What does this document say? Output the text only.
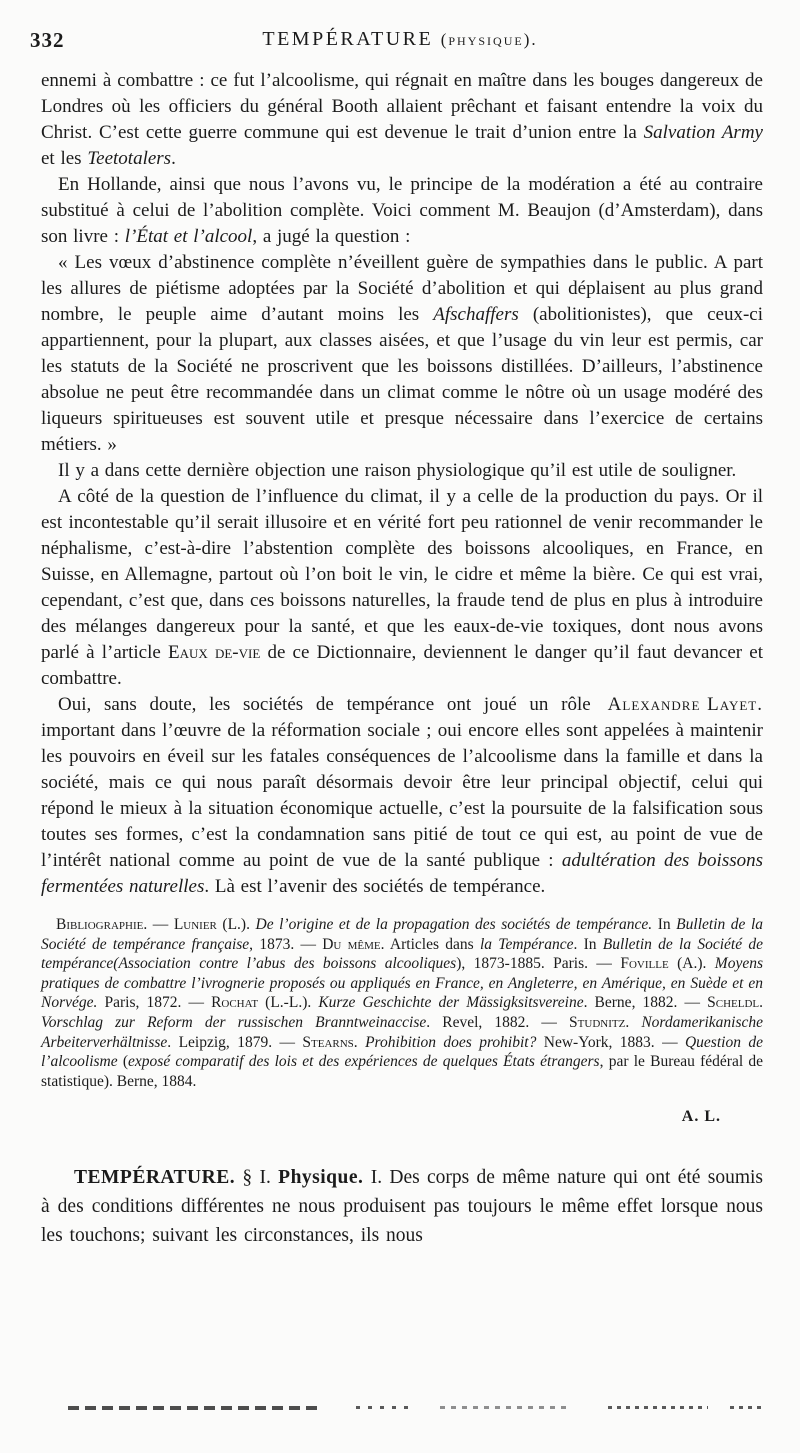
332	TEMPÉRATURE (physique).

ennemi à combattre : ce fut l’alcoolisme, qui régnait en maître dans les bouges dangereux de Londres où les officiers du général Booth allaient prêchant et faisant entendre la voix du Christ. C’est cette guerre commune qui est devenue le trait d’union entre la Salvation Army et les Teetotalers.

En Hollande, ainsi que nous l’avons vu, le principe de la modération a été au contraire substitué à celui de l’abolition complète. Voici comment M. Beaujon (d’Amsterdam), dans son livre : l’État et l’alcool, a jugé la question :

« Les vœux d’abstinence complète n’éveillent guère de sympathies dans le public. A part les allures de piétisme adoptées par la Société d’abolition et qui déplaisent au plus grand nombre, le peuple aime d’autant moins les Afschaffers (abolitionistes), que ceux-ci appartiennent, pour la plupart, aux classes aisées, et que l’usage du vin leur est permis, car les statuts de la Société ne proscrivent que les boissons distillées. D’ailleurs, l’abstinence absolue ne peut être recommandée dans un climat comme le nôtre où un usage modéré des liqueurs spiritueuses est souvent utile et presque nécessaire dans l’exercice de certains métiers. »

Il y a dans cette dernière objection une raison physiologique qu’il est utile de souligner.

A côté de la question de l’influence du climat, il y a celle de la production du pays. Or il est incontestable qu’il serait illusoire et en vérité fort peu rationnel de venir recommander le néphalisme, c’est-à-dire l’abstention complète des boissons alcooliques, en France, en Suisse, en Allemagne, partout où l’on boit le vin, le cidre et même la bière. Ce qui est vrai, cependant, c’est que, dans ces boissons naturelles, la fraude tend de plus en plus à introduire des mélanges dangereux pour la santé, et que les eaux-de-vie toxiques, dont nous avons parlé à l’article Eaux de-vie de ce Dictionnaire, deviennent le danger qu’il faut devancer et combattre.

Alexandre Layet.
Oui, sans doute, les sociétés de tempérance ont joué un rôle important dans l’œuvre de la réformation sociale ; oui encore elles sont appelées à maintenir les pouvoirs en éveil sur les fatales conséquences de l’alcoolisme dans la famille et dans la société, mais ce qui nous paraît désormais devoir être leur principal objectif, celui qui répond le mieux à la situation économique actuelle, c’est la poursuite de la falsification sous toutes ses formes, c’est la condamnation sans pitié de tout ce qui est, au point de vue de l’intérêt national comme au point de vue de la santé publique : adultération des boissons fermentées naturelles. Là est l’avenir des sociétés de tempérance.

Bibliographie. — Lunier (L.). De l’origine et de la propagation des sociétés de tempérance. In Bulletin de la Société de tempérance française, 1873. — Du même. Articles dans la Tempérance. In Bulletin de la Société de tempérance(Association contre l’abus des boissons alcooliques), 1873-1885. Paris. — Foville (A.). Moyens pratiques de combattre l’ivrognerie proposés ou appliqués en France, en Angleterre, en Amérique, en Suède et en Norvége. Paris, 1872. — Rochat (L.-L.). Kurze Geschichte der Mässigksitsvereine. Berne, 1882. — Scheldl. Vorschlag zur Reform der russischen Branntweinaccise. Revel, 1882. — Studnitz. Nordamerikanische Arbeiterverhältnisse. Leipzig, 1879. — Stearns. Prohibition does prohibit? New-York, 1883. — Question de l’alcoolisme (exposé comparatif des lois et des expériences de quelques États étrangers, par le Bureau fédéral de statistique). Berne, 1884.

A. L.

TEMPÉRATURE. § I. Physique. I. Des corps de même nature qui ont été soumis à des conditions différentes ne nous produisent pas toujours le même effet lorsque nous les touchons; suivant les circonstances, ils nous
